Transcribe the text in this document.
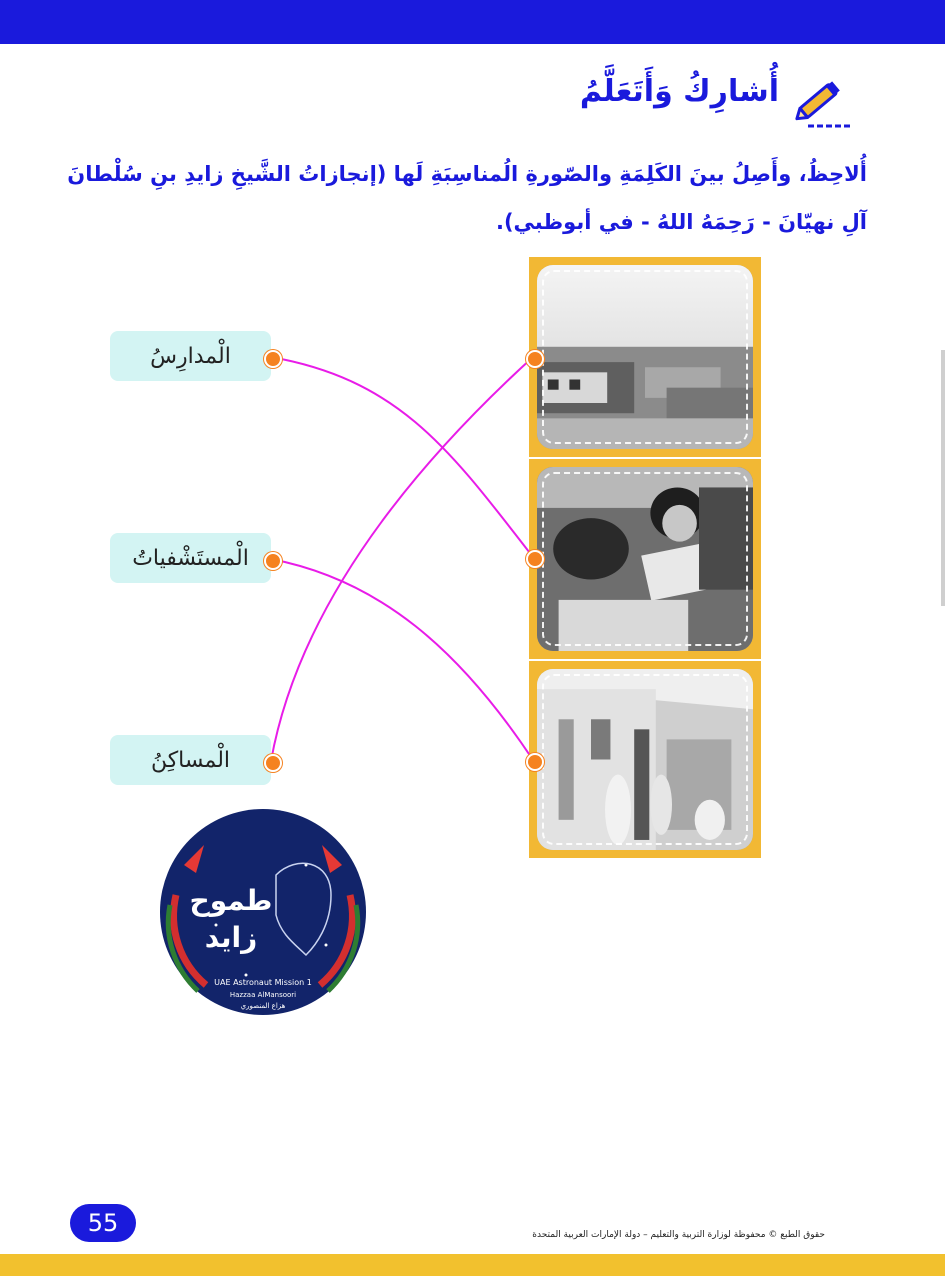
أُشارِكُ وَأَتَعَلَّمُ
أُلاحِظُ، وأَصِلُ بينَ الكَلِمَةِ والصّورةِ الُمناسِبَةِ لَها (إنجازاتُ الشَّيخِ زايدِ بنِ سُلْطانَ آلِ نهيّانَ - رَحِمَهُ اللهُ - في أبوظبي).
الْمدارِسُ
الْمستَشْفياتُ
الْمساكِنُ
طموح
زايد
UAE Astronaut Mission 1
Hazzaa AlMansoori
هزاع المنصوري
55	حقوق الطبع © محفوظة لوزارة التربية والتعليم – دولة الإمارات العربية المتحدة
